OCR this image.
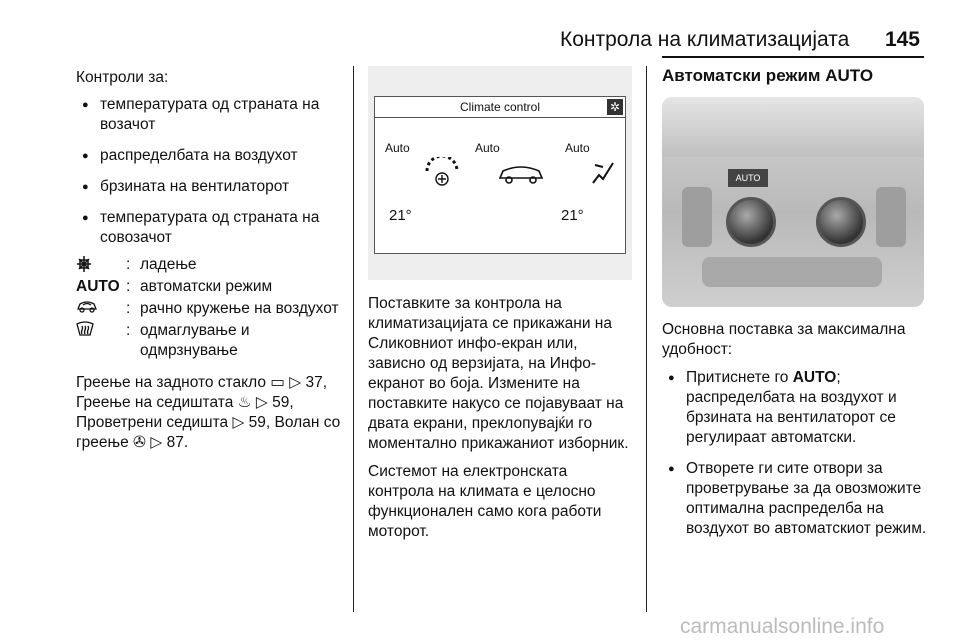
Контрола на климатизацијата 145

Контроли за:

● температурата од страната на возачот
● распределбата на воздухот
● брзината на вентилаторот
● температурата од страната на совозачот
: ладење
AUTO : автоматски режим
: рачно кружење на воздухот
: одмаглување и одмрзнување

Греење на задното стакло ▭ ▷ 37, Греење на седиштата ♨ ▷ 59, Проветрени седишта ▷ 59, Волан со греење ✇ ▷ 87.

Climate control	✲
Auto	Auto	Auto
21°	21°

Поставките за контрола на климатизацијата се прикажани на Сликовниот инфо-екран или, зависно од верзијата, на Инфо-екранот во боја. Измените на поставките накусо се појавуваат на двата екрани, преклопувајќи го моментално прикажаниот изборник.

Системот на електронската контрола на климата е целосно функционален само кога работи моторот.

Автоматски режим AUTO
AUTO

Основна поставка за максимална удобност:

● Притиснете го AUTO; распределбата на воздухот и брзината на вентилаторот се регулираат автоматски.
● Отворете ги сите отвори за проветрување за да овозможите оптимална распределба на воздухот во автоматскиот режим.
carmanualsonline.info
